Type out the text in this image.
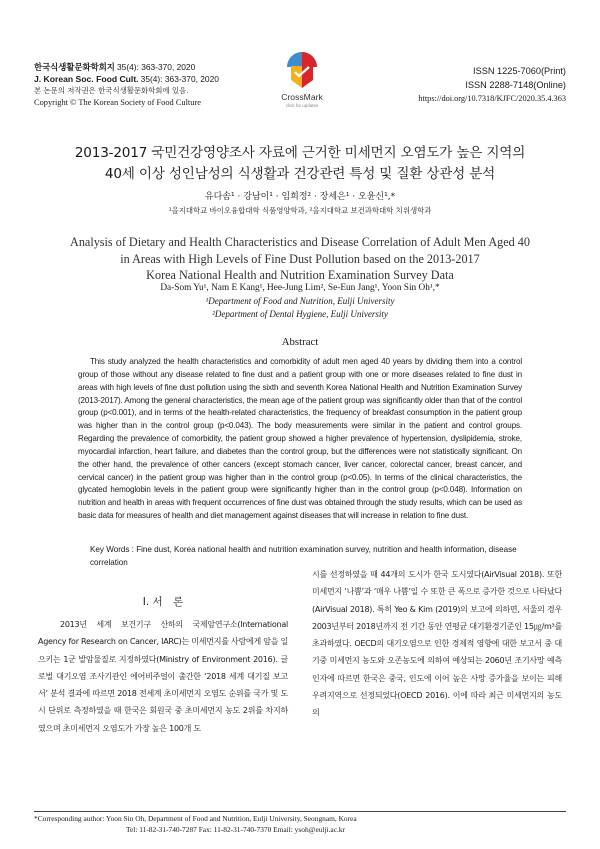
한국식생활문화학회지 35(4): 363-370, 2020
J. Korean Soc. Food Cult. 35(4): 363-370, 2020
본 논문의 저작권은 한국식생활문화학회에 있음.
Copyright © The Korean Society of Food Culture	CrossMark
click for updates
ISSN 1225-7060(Print)
ISSN 2288-7148(Online)
https://doi.org/10.7318/KJFC/2020.35.4.363
2013-2017 국민건강영양조사 자료에 근거한 미세먼지 오염도가 높은 지역의
40세 이상 성인남성의 식생활과 건강관련 특성 및 질환 상관성 분석
유다솜¹ · 강남이¹ · 임희정² · 장세은¹ · 오윤신¹,*
¹을지대학교 바이오융합대학 식품영양학과, ²을지대학교 보건과학대학 치위생학과
Analysis of Dietary and Health Characteristics and Disease Correlation of Adult Men Aged 40
in Areas with High Levels of Fine Dust Pollution based on the 2013-2017
Korea National Health and Nutrition Examination Survey Data
Da-Som Yu¹, Nam E Kang¹, Hee-Jung Lim², Se-Eun Jang¹, Yoon Sin Oh¹,*
¹Department of Food and Nutrition, Eulji University
²Department of Dental Hygiene, Eulji University
Abstract

This study analyzed the health characteristics and comorbidity of adult men aged 40 years by dividing them into a control group of those without any disease related to fine dust and a patient group with one or more diseases related to fine dust in areas with high levels of fine dust pollution using the sixth and seventh Korea National Health and Nutrition Examination Survey (2013-2017). Among the general characteristics, the mean age of the patient group was significantly older than that of the control group (p<0.001), and in terms of the health-related characteristics, the frequency of breakfast consumption in the patient group was higher than in the control group (p<0.043). The body measurements were similar in the patient and control groups. Regarding the prevalence of comorbidity, the patient group showed a higher prevalence of hypertension, dyslipidemia, stroke, myocardial infarction, heart failure, and diabetes than the control group, but the differences were not statistically significant. On the other hand, the prevalence of other cancers (except stomach cancer, liver cancer, colorectal cancer, breast cancer, and cervical cancer) in the patient group was higher than in the control group (p<0.05). In terms of the clinical characteristics, the glycated hemoglobin levels in the patient group were significantly higher than in the control group (p<0.048). Information on nutrition and health in areas with frequent occurrences of fine dust was obtained through the study results, which can be used as basic data for measures of health and diet management against diseases that will increase in relation to fine dust.

Key Words : Fine dust, Korea national health and nutrition examination survey, nutrition and health information, disease correlation
Ⅰ. 서　론

2013년 세계 보건기구 산하의 국제암연구소(International Agency for Research on Cancer, IARC)는 미세먼지를 사람에게 암을 일으키는 1군 발암물질로 지정하였다(Ministry of Environment 2016). 글로벌 대기오염 조사기관인 에어비주얼이 출간한 ‘2018 세계 대기질 보고서’ 분석 결과에 따르면 2018 전세계 초미세먼지 오염도 순위를 국가 및 도시 단위로 측정하였을 때 한국은 회원국 중 초미세먼지 농도 2위를 차지하였으며 초미세먼지 오염도가 가장 높은 100개 도

시를 선정하였을 때 44개의 도시가 한국 도시였다(AirVisual 2018). 또한 미세먼지 ‘나쁨’과 ‘매우 나쁨’일 수 또한 큰 폭으로 증가한 것으로 나타났다(AirVisual 2018). 특히 Yeo & Kim (2019)의 보고에 의하면, 서울의 경우 2003년부터 2018년까지 전 기간 동안 연평균 대기환경기준인 15㎍/m³를 초과하였다. OECD의 대기오염으로 인한 경제적 영향에 대한 보고서 중 대기중 미세먼지 농도와 오존농도에 의하여 예상되는 2060년 조기사망 예측인자에 따르면 한국은 중국, 인도에 이어 높은 사망 증가율을 보이는 피해 우려지역으로 선정되었다(OECD 2016). 이에 따라 최근 미세먼지의 농도의

*Corresponding author: Yoon Sin Oh, Department of Food and Nutrition, Eulji University, Seongnam, Korea
Tel: 11-82-31-740-7287 Fax: 11-82-31-740-7370 Email: ysoh@eulji.ac.kr
